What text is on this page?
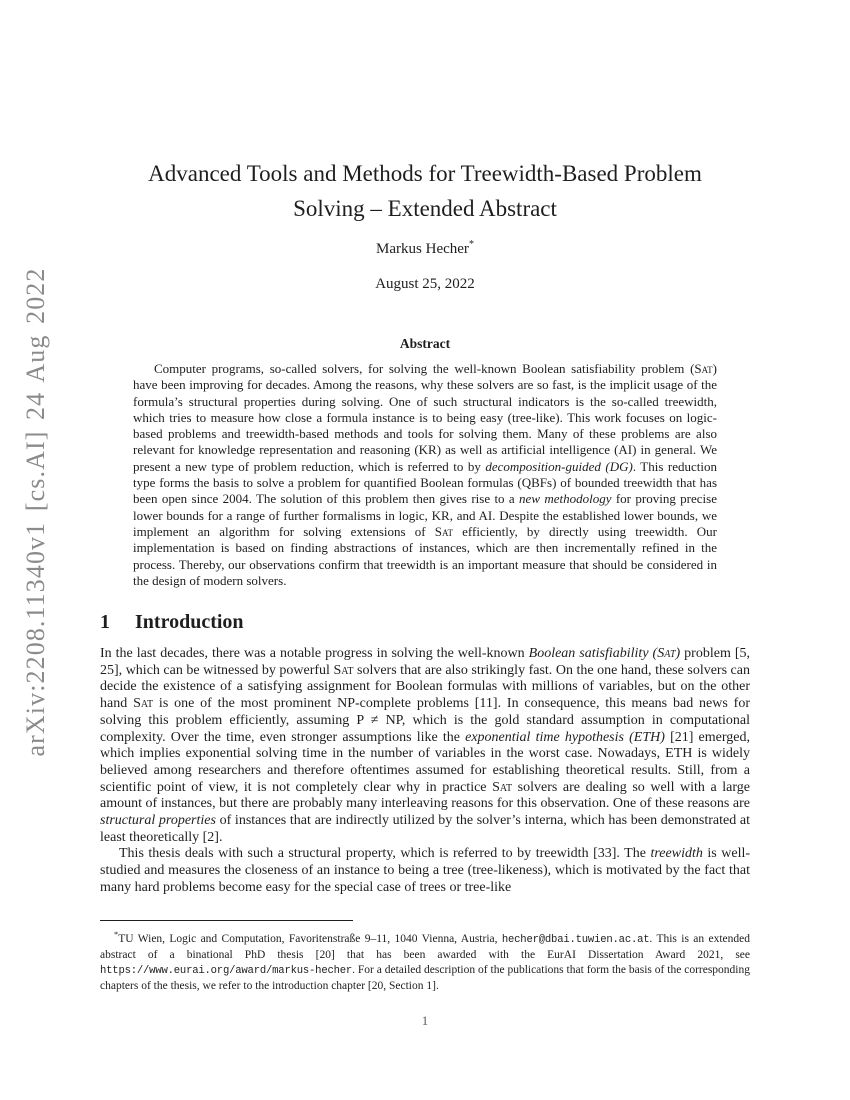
arXiv:2208.11340v1 [cs.AI] 24 Aug 2022
Advanced Tools and Methods for Treewidth-Based Problem
Solving – Extended Abstract
Markus Hecher*
August 25, 2022
Abstract

Computer programs, so-called solvers, for solving the well-known Boolean satisfiability problem (Sat) have been improving for decades. Among the reasons, why these solvers are so fast, is the implicit usage of the formula’s structural properties during solving. One of such structural indicators is the so-called treewidth, which tries to measure how close a formula instance is to being easy (tree-like). This work focuses on logic-based problems and treewidth-based methods and tools for solving them. Many of these problems are also relevant for knowledge representation and reasoning (KR) as well as artificial intelligence (AI) in general. We present a new type of problem reduction, which is referred to by decomposition-guided (DG). This reduction type forms the basis to solve a problem for quantified Boolean formulas (QBFs) of bounded treewidth that has been open since 2004. The solution of this problem then gives rise to a new methodology for proving precise lower bounds for a range of further formalisms in logic, KR, and AI. Despite the established lower bounds, we implement an algorithm for solving extensions of Sat efficiently, by directly using treewidth. Our implementation is based on finding abstractions of instances, which are then incrementally refined in the process. Thereby, our observations confirm that treewidth is an important measure that should be considered in the design of modern solvers.

1 Introduction

In the last decades, there was a notable progress in solving the well-known Boolean satisfiability (Sat) problem [5, 25], which can be witnessed by powerful Sat solvers that are also strikingly fast. On the one hand, these solvers can decide the existence of a satisfying assignment for Boolean formulas with millions of variables, but on the other hand Sat is one of the most prominent NP-complete problems [11]. In consequence, this means bad news for solving this problem efficiently, assuming P ≠ NP, which is the gold standard assumption in computational complexity. Over the time, even stronger assumptions like the exponential time hypothesis (ETH) [21] emerged, which implies exponential solving time in the number of variables in the worst case. Nowadays, ETH is widely believed among researchers and therefore oftentimes assumed for establishing theoretical results. Still, from a scientific point of view, it is not completely clear why in practice Sat solvers are dealing so well with a large amount of instances, but there are probably many interleaving reasons for this observation. One of these reasons are structural properties of instances that are indirectly utilized by the solver’s interna, which has been demonstrated at least theoretically [2].

This thesis deals with such a structural property, which is referred to by treewidth [33]. The treewidth is well-studied and measures the closeness of an instance to being a tree (tree-likeness), which is motivated by the fact that many hard problems become easy for the special case of trees or tree-like

*TU Wien, Logic and Computation, Favoritenstraße 9–11, 1040 Vienna, Austria, hecher@dbai.tuwien.ac.at. This is an extended abstract of a binational PhD thesis [20] that has been awarded with the EurAI Dissertation Award 2021, see https://www.eurai.org/award/markus-hecher. For a detailed description of the publications that form the basis of the corresponding chapters of the thesis, we refer to the introduction chapter [20, Section 1].

1
